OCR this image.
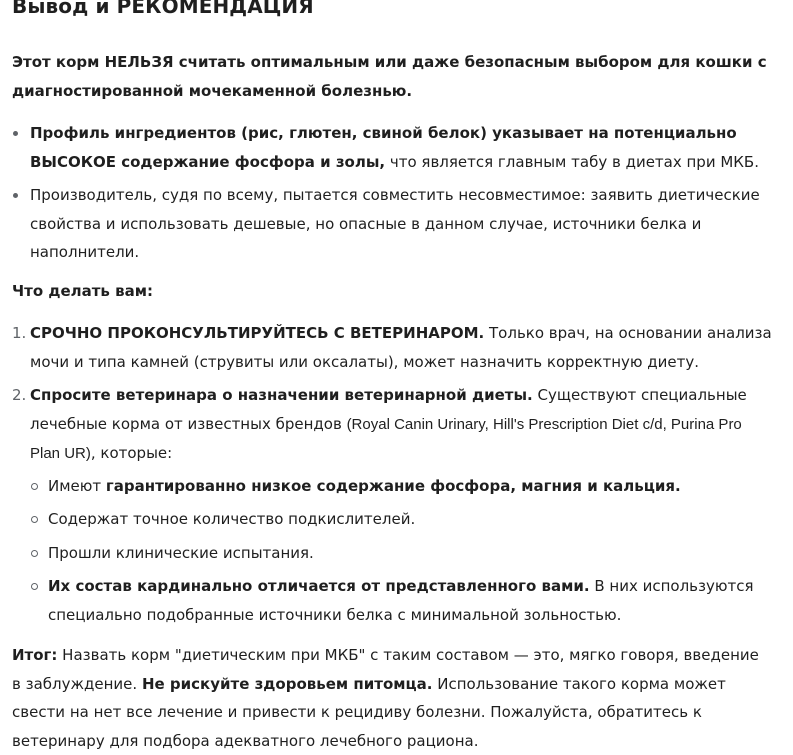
Вывод и РЕКОМЕНДАЦИЯ

Этот корм НЕЛЬЗЯ считать оптимальным или даже безопасным выбором для кошки с диагностированной мочекаменной болезнью.

Профиль ингредиентов (рис, глютен, свиной белок) указывает на потенциально ВЫСОКОЕ содержание фосфора и золы, что является главным табу в диетах при МКБ.
Производитель, судя по всему, пытается совместить несовместимое: заявить диетические свойства и использовать дешевые, но опасные в данном случае, источники белка и наполнители.

Что делать вам:

1. СРОЧНО ПРОКОНСУЛЬТИРУЙТЕСЬ С ВЕТЕРИНАРОМ. Только врач, на основании анализа мочи и типа камней (струвиты или оксалаты), может назначить корректную диету.
2. Спросите ветеринара о назначении ветеринарной диеты. Существуют специальные лечебные корма от известных брендов (Royal Canin Urinary, Hill's Prescription Diet c/d, Purina Pro Plan UR), которые:
Имеют гарантированно низкое содержание фосфора, магния и кальция.
Содержат точное количество подкислителей.
Прошли клинические испытания.
Их состав кардинально отличается от представленного вами. В них используются специально подобранные источники белка с минимальной зольностью.

Итог: Назвать корм "диетическим при МКБ" с таким составом — это, мягко говоря, введение в заблуждение. Не рискуйте здоровьем питомца. Использование такого корма может свести на нет все лечение и привести к рецидиву болезни. Пожалуйста, обратитесь к ветеринару для подбора адекватного лечебного рациона.
